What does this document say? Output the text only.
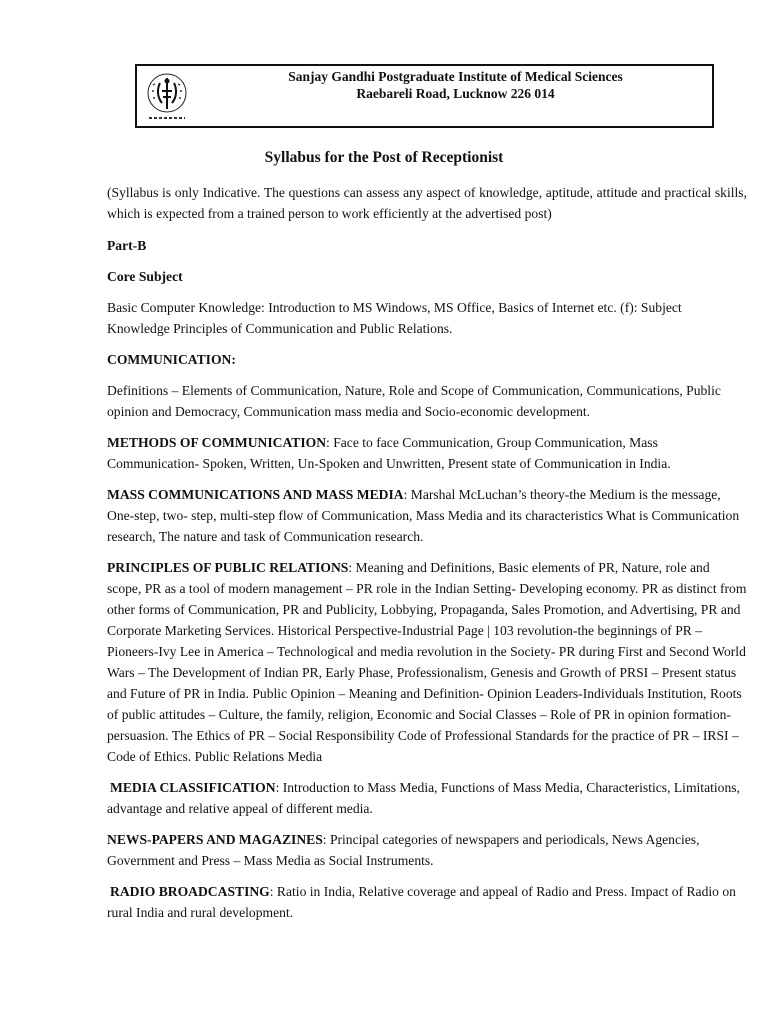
Sanjay Gandhi Postgraduate Institute of Medical Sciences
Raebareli Road, Lucknow 226 014
Syllabus for the Post of Receptionist

(Syllabus is only Indicative. The questions can assess any aspect of knowledge, aptitude, attitude and practical skills, which is expected from a trained person to work efficiently at the advertised post)

Part-B

Core Subject

Basic Computer Knowledge: Introduction to MS Windows, MS Office, Basics of Internet etc. (f): Subject Knowledge Principles of Communication and Public Relations.

COMMUNICATION:

Definitions – Elements of Communication, Nature, Role and Scope of Communication, Communications, Public opinion and Democracy, Communication mass media and Socio-economic development.

METHODS OF COMMUNICATION: Face to face Communication, Group Communication, Mass Communication- Spoken, Written, Un-Spoken and Unwritten, Present state of Communication in India.

MASS COMMUNICATIONS AND MASS MEDIA: Marshal McLuchan’s theory-the Medium is the message, One-step, two- step, multi-step flow of Communication, Mass Media and its characteristics What is Communication research, The nature and task of Communication research.

PRINCIPLES OF PUBLIC RELATIONS: Meaning and Definitions, Basic elements of PR, Nature, role and scope, PR as a tool of modern management – PR role in the Indian Setting- Developing economy. PR as distinct from other forms of Communication, PR and Publicity, Lobbying, Propaganda, Sales Promotion, and Advertising, PR and Corporate Marketing Services. Historical Perspective-Industrial Page | 103 revolution-the beginnings of PR – Pioneers-Ivy Lee in America – Technological and media revolution in the Society- PR during First and Second World Wars – The Development of Indian PR, Early Phase, Professionalism, Genesis and Growth of PRSI – Present status and Future of PR in India. Public Opinion – Meaning and Definition- Opinion Leaders-Individuals Institution, Roots of public attitudes – Culture, the family, religion, Economic and Social Classes – Role of PR in opinion formation-persuasion. The Ethics of PR – Social Responsibility Code of Professional Standards for the practice of PR – IRSI – Code of Ethics. Public Relations Media

MEDIA CLASSIFICATION: Introduction to Mass Media, Functions of Mass Media, Characteristics, Limitations, advantage and relative appeal of different media.

NEWS-PAPERS AND MAGAZINES: Principal categories of newspapers and periodicals, News Agencies, Government and Press – Mass Media as Social Instruments.

RADIO BROADCASTING: Ratio in India, Relative coverage and appeal of Radio and Press. Impact of Radio on rural India and rural development.
